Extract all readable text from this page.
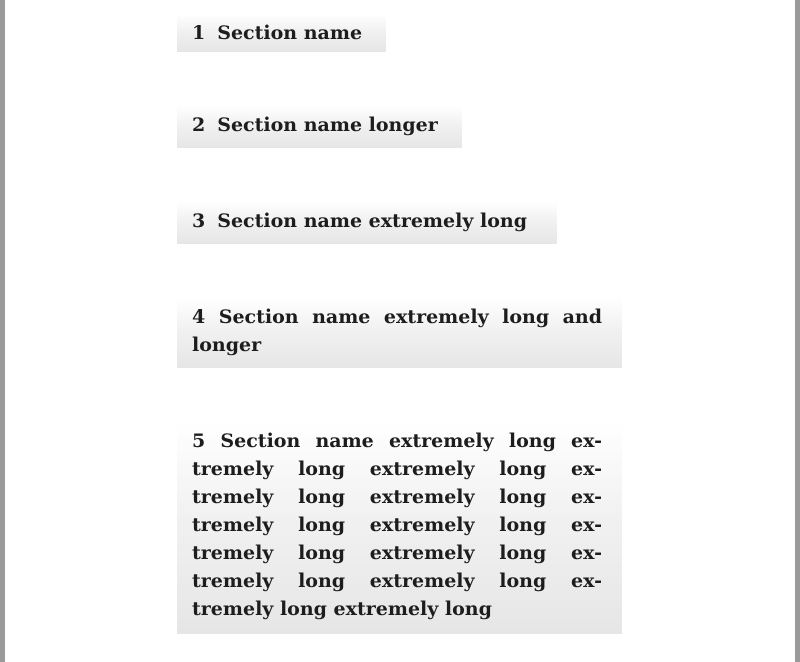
1 Section name
2 Section name longer
3 Section name extremely long
4 Section name extremely long and
longer
5 Section name extremely long ex-
tremely long extremely long ex-
tremely long extremely long ex-
tremely long extremely long ex-
tremely long extremely long ex-
tremely long extremely long ex-
tremely long extremely long
